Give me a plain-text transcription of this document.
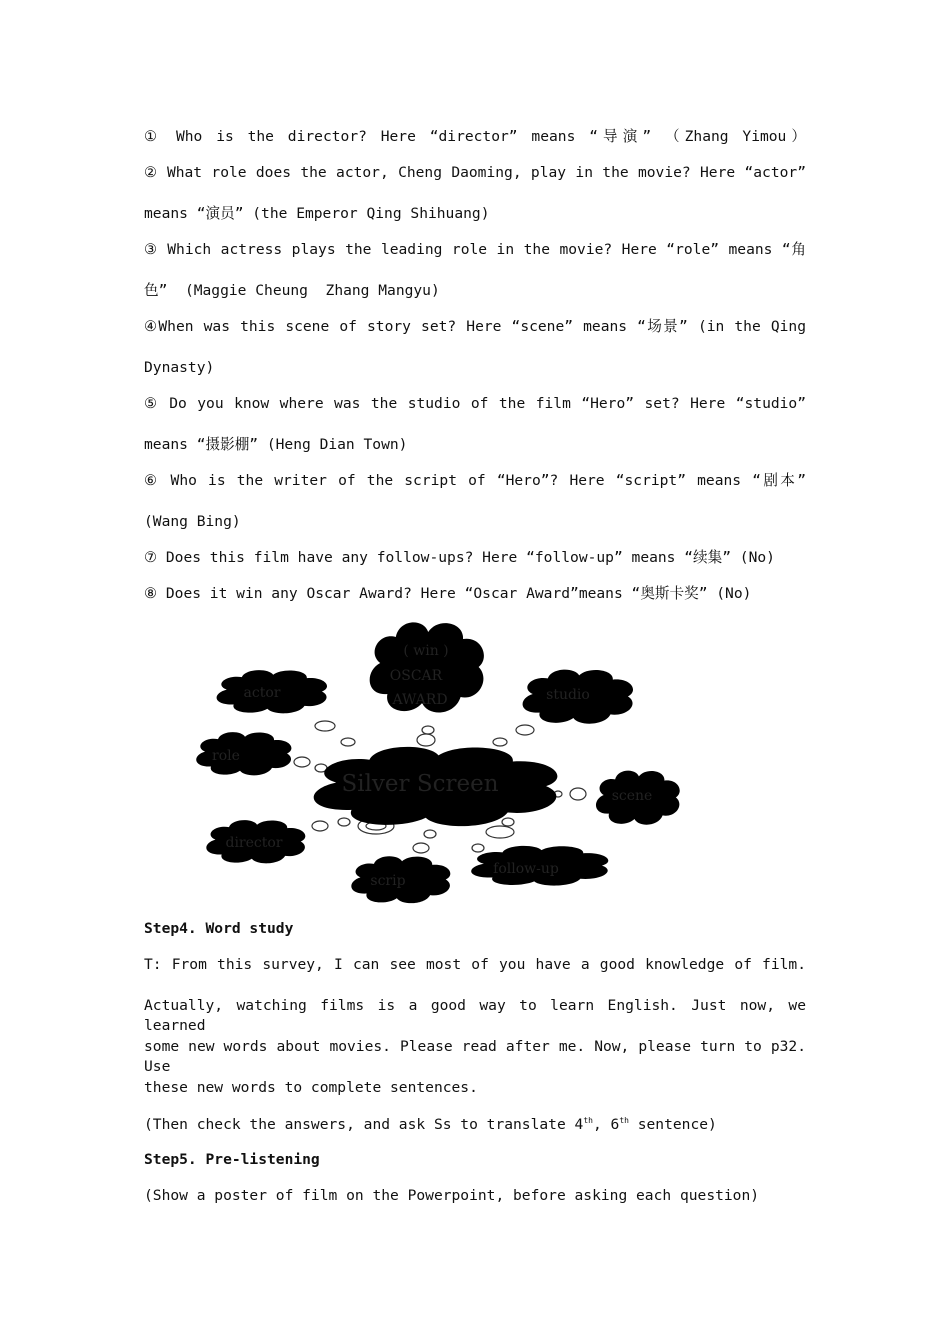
① Who is the director? Here “director” means “导演” （Zhang Yimou）
② What role does the actor, Cheng Daoming, play in the movie? Here “actor”
means “演员” (the Emperor Qing Shihuang)
③ Which actress plays the leading role in the movie? Here “role” means “角
色”  (Maggie Cheung  Zhang Mangyu)
④When was this scene of story set? Here “scene” means “场景” (in the Qing
Dynasty)
⑤ Do you know where was the studio of the film “Hero” set? Here “studio”
means “摄影棚” (Heng Dian Town)
⑥ Who is the writer of the script of “Hero”? Here “script” means “剧本”
(Wang Bing)
⑦ Does this film have any follow-ups? Here “follow-up” means “续集” (No)
⑧ Does it win any Oscar Award? Here “Oscar Award”means “奥斯卡奖” (No)
Silver Screen
( win )
OSCAR
AWARD
actor	studio
role
scene
director
follow-up
scrip
Step4. Word study
T: From this survey, I can see most of you have a good knowledge of film.
Actually, watching films is a good way to learn English. Just now, we learned
some new words about movies. Please read after me. Now, please turn to p32. Use
these new words to complete sentences.
(Then check the answers, and ask Ss to translate 4th, 6th sentence)
Step5. Pre-listening
(Show a poster of film on the Powerpoint, before asking each question)
